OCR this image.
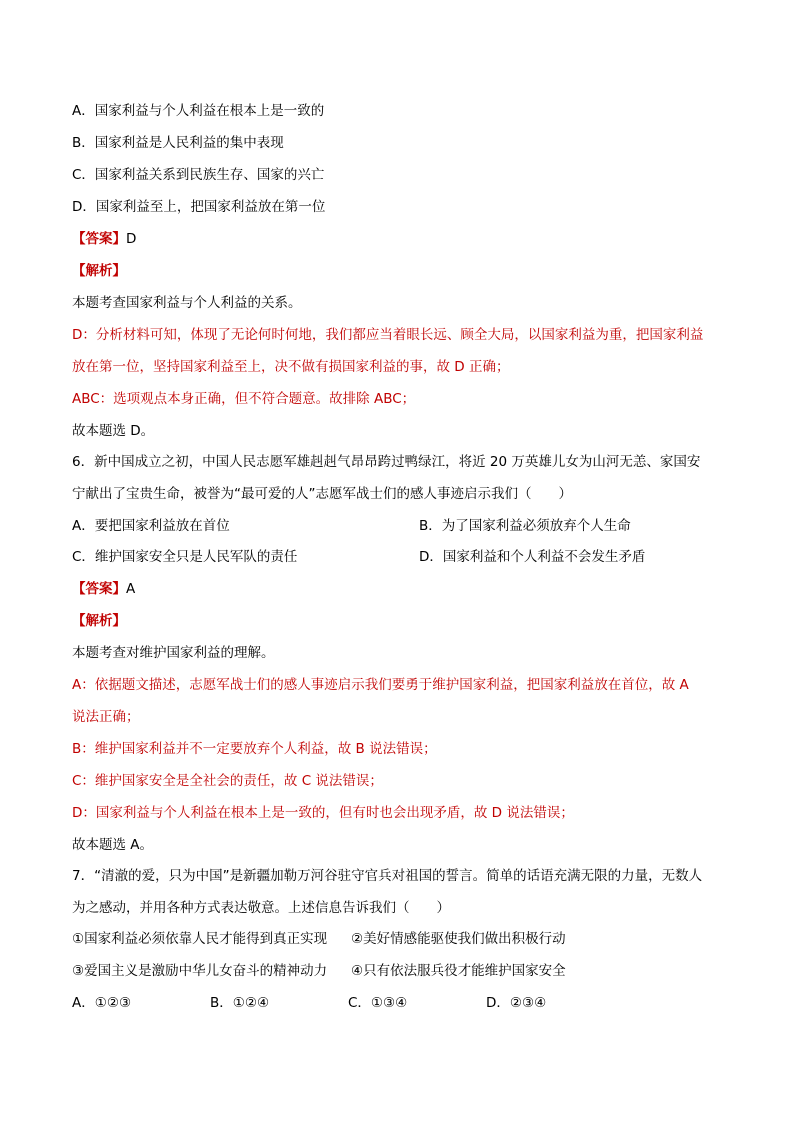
A．国家利益与个人利益在根本上是一致的
B．国家利益是人民利益的集中表现
C．国家利益关系到民族生存、国家的兴亡
D．国家利益至上，把国家利益放在第一位
【答案】D
【解析】
本题考查国家利益与个人利益的关系。
D：分析材料可知，体现了无论何时何地，我们都应当着眼长远、顾全大局，以国家利益为重，把国家利益
放在第一位，坚持国家利益至上，决不做有损国家利益的事，故 D 正确；
ABC：选项观点本身正确，但不符合题意。故排除 ABC；
故本题选 D。
6．新中国成立之初，中国人民志愿军雄赳赳气昂昂跨过鸭绿江，将近 20 万英雄儿女为山河无恙、家国安
宁献出了宝贵生命，被誉为“最可爱的人”志愿军战士们的感人事迹启示我们（　　）
A．要把国家利益放在首位	B．为了国家利益必须放弃个人生命
C．维护国家安全只是人民军队的责任	D．国家利益和个人利益不会发生矛盾
【答案】A
【解析】
本题考查对维护国家利益的理解。
A：依据题文描述，志愿军战士们的感人事迹启示我们要勇于维护国家利益，把国家利益放在首位，故 A
说法正确；
B：维护国家利益并不一定要放弃个人利益，故 B 说法错误；
C：维护国家安全是全社会的责任，故 C 说法错误；
D：国家利益与个人利益在根本上是一致的，但有时也会出现矛盾，故 D 说法错误；
故本题选 A。
7．“清澈的爱，只为中国”是新疆加勒万河谷驻守官兵对祖国的誓言。简单的话语充满无限的力量，无数人
为之感动，并用各种方式表达敬意。上述信息告诉我们（　　）
①国家利益必须依靠人民才能得到真正实现 ②美好情感能驱使我们做出积极行动
③爱国主义是激励中华儿女奋斗的精神动力 ④只有依法服兵役才能维护国家安全
A．①②③	B．①②④	C．①③④	D．②③④
